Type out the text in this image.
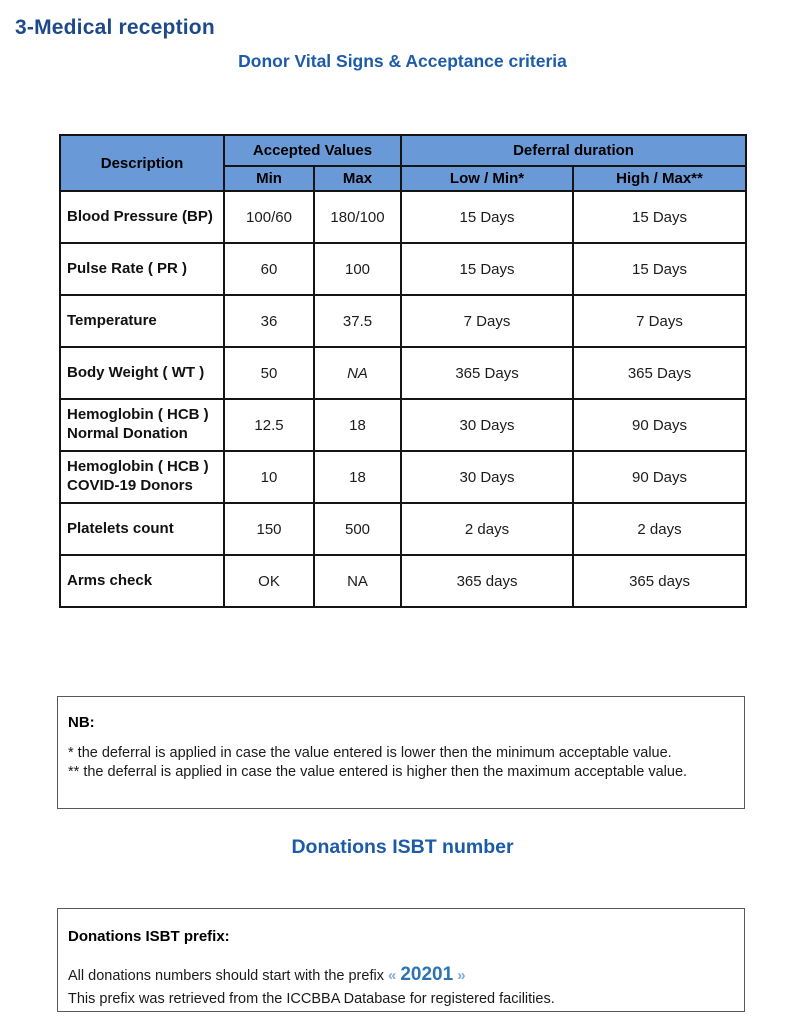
3-Medical reception
Donor Vital Signs & Acceptance criteria
Description	Accepted Values		Deferral duration	
	Min	Max	Low / Min*	High / Max**
Blood Pressure (BP)	100/60	180/100	15 Days	15 Days
Pulse Rate ( PR )	60	100	15 Days	15 Days
Temperature	36	37.5	7 Days	7 Days
Body Weight ( WT )	50	NA	365 Days	365 Days
Hemoglobin ( HCB ) Normal Donation	12.5	18	30 Days	90 Days
Hemoglobin ( HCB ) COVID-19 Donors	10	18	30 Days	90 Days
Platelets count	150	500	2 days	2 days
Arms check	OK	NA	365 days	365 days
NB:
* the deferral is applied in case the value entered is lower then the minimum acceptable value.
** the deferral is applied in case the value entered is higher then the maximum acceptable value.
Donations ISBT number
Donations ISBT prefix:
All donations numbers should start with the prefix « 20201 »
This prefix was retrieved from the ICCBBA Database for registered facilities.
